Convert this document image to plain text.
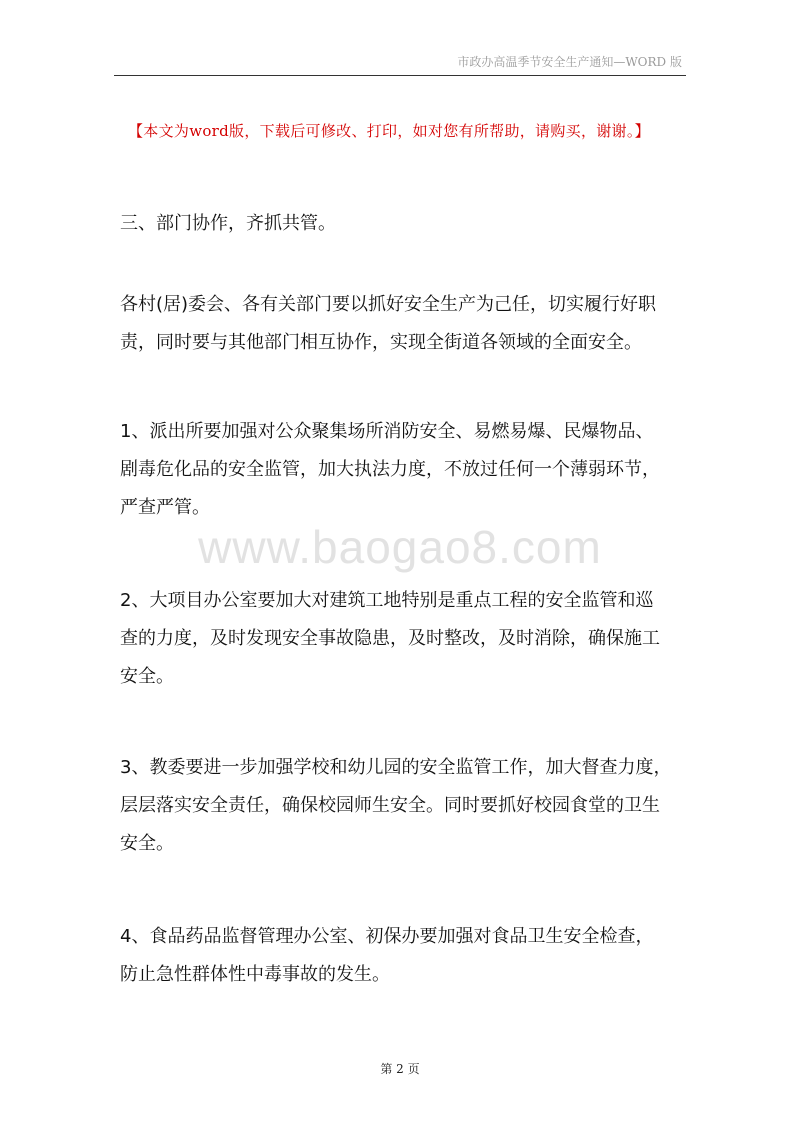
市政办高温季节安全生产通知—WORD 版
【本文为word版，下载后可修改、打印，如对您有所帮助，请购买，谢谢。】
www.baogao8.com

三、部门协作，齐抓共管。

各村(居)委会、各有关部门要以抓好安全生产为己任，切实履行好职
责，同时要与其他部门相互协作，实现全街道各领域的全面安全。

1、派出所要加强对公众聚集场所消防安全、易燃易爆、民爆物品、
剧毒危化品的安全监管，加大执法力度，不放过任何一个薄弱环节，
严查严管。

2、大项目办公室要加大对建筑工地特别是重点工程的安全监管和巡
查的力度，及时发现安全事故隐患，及时整改，及时消除，确保施工
安全。

3、教委要进一步加强学校和幼儿园的安全监管工作，加大督查力度，
层层落实安全责任，确保校园师生安全。同时要抓好校园食堂的卫生
安全。

4、食品药品监督管理办公室、初保办要加强对食品卫生安全检查，
防止急性群体性中毒事故的发生。

第 2 页
